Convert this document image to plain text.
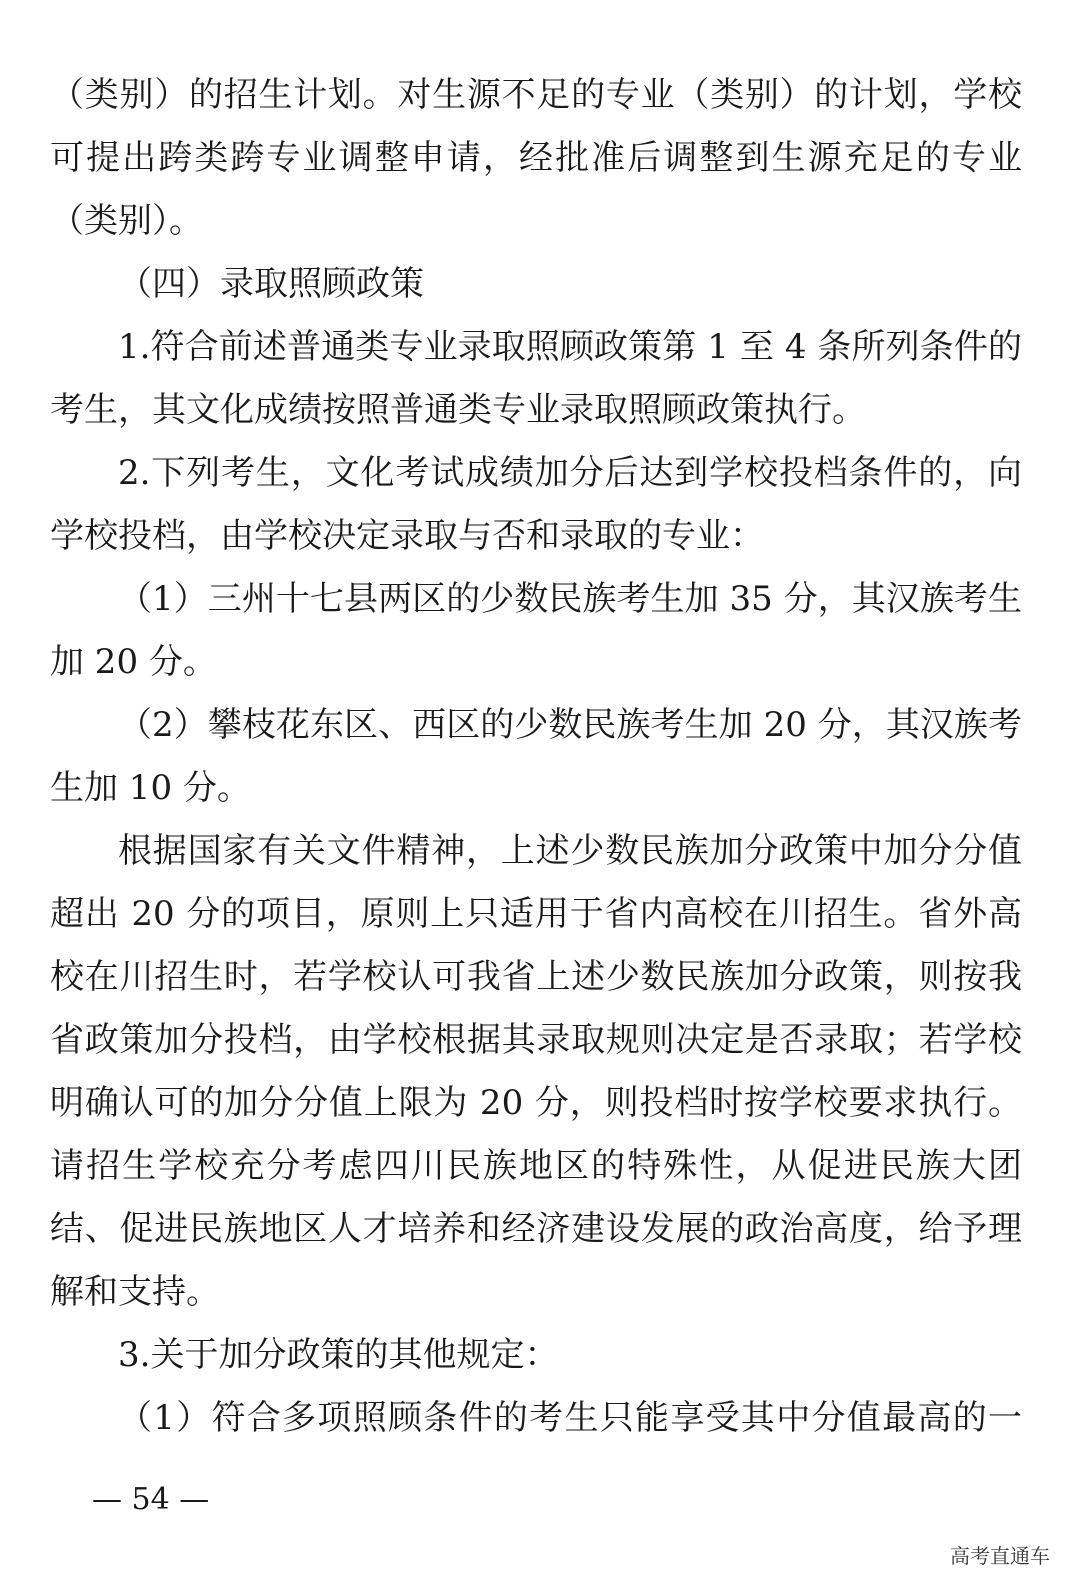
（类别）的招生计划。对生源不足的专业（类别）的计划，学校
可提出跨类跨专业调整申请，经批准后调整到生源充足的专业
（类别）。
（四）录取照顾政策
1.符合前述普通类专业录取照顾政策第 1 至 4 条所列条件的
考生，其文化成绩按照普通类专业录取照顾政策执行。
2.下列考生，文化考试成绩加分后达到学校投档条件的，向
学校投档，由学校决定录取与否和录取的专业：
（1）三州十七县两区的少数民族考生加 35 分，其汉族考生
加 20 分。
（2）攀枝花东区、西区的少数民族考生加 20 分，其汉族考
生加 10 分。
根据国家有关文件精神，上述少数民族加分政策中加分分值
超出 20 分的项目，原则上只适用于省内高校在川招生。省外高
校在川招生时，若学校认可我省上述少数民族加分政策，则按我
省政策加分投档，由学校根据其录取规则决定是否录取；若学校
明确认可的加分分值上限为 20 分，则投档时按学校要求执行。
请招生学校充分考虑四川民族地区的特殊性，从促进民族大团
结、促进民族地区人才培养和经济建设发展的政治高度，给予理
解和支持。
3.关于加分政策的其他规定：
（1）符合多项照顾条件的考生只能享受其中分值最高的一
— 54 —
高考直通车
